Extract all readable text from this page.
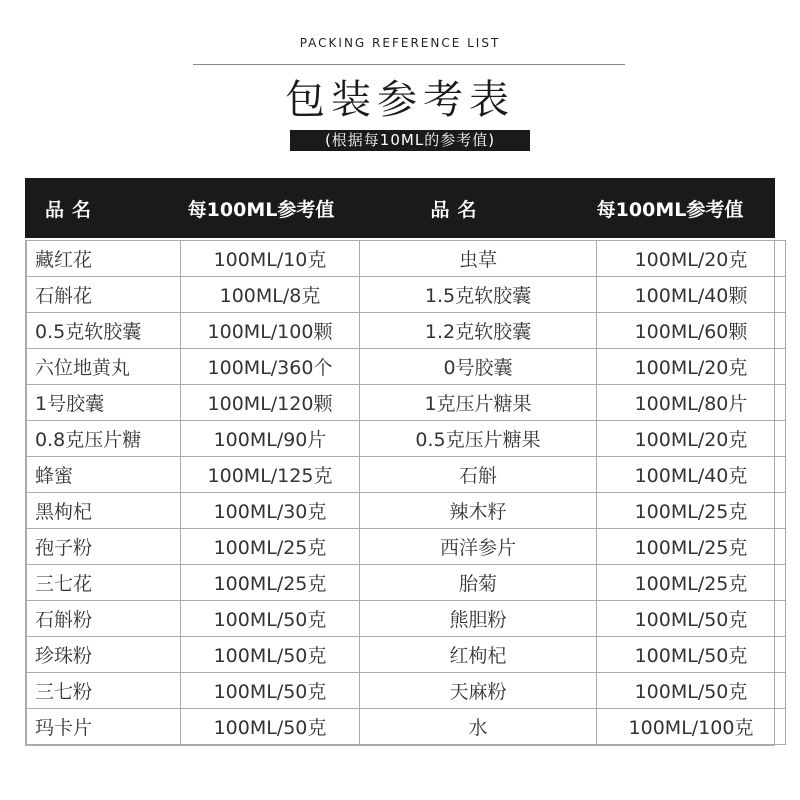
PACKING REFERENCE LIST
包装参考表
(根据每10ML的参考值)
品名	每100ML参考值	品名	每100ML参考值
藏红花	100ML/10克	虫草	100ML/20克
石斛花	100ML/8克	1.5克软胶囊	100ML/40颗
0.5克软胶囊	100ML/100颗	1.2克软胶囊	100ML/60颗
六位地黄丸	100ML/360个	0号胶囊	100ML/20克
1号胶囊	100ML/120颗	1克压片糖果	100ML/80片
0.8克压片糖	100ML/90片	0.5克压片糖果	100ML/20克
蜂蜜	100ML/125克	石斛	100ML/40克
黑枸杞	100ML/30克	辣木籽	100ML/25克
孢子粉	100ML/25克	西洋参片	100ML/25克
三七花	100ML/25克	胎菊	100ML/25克
石斛粉	100ML/50克	熊胆粉	100ML/50克
珍珠粉	100ML/50克	红枸杞	100ML/50克
三七粉	100ML/50克	天麻粉	100ML/50克
玛卡片	100ML/50克	水	100ML/100克
